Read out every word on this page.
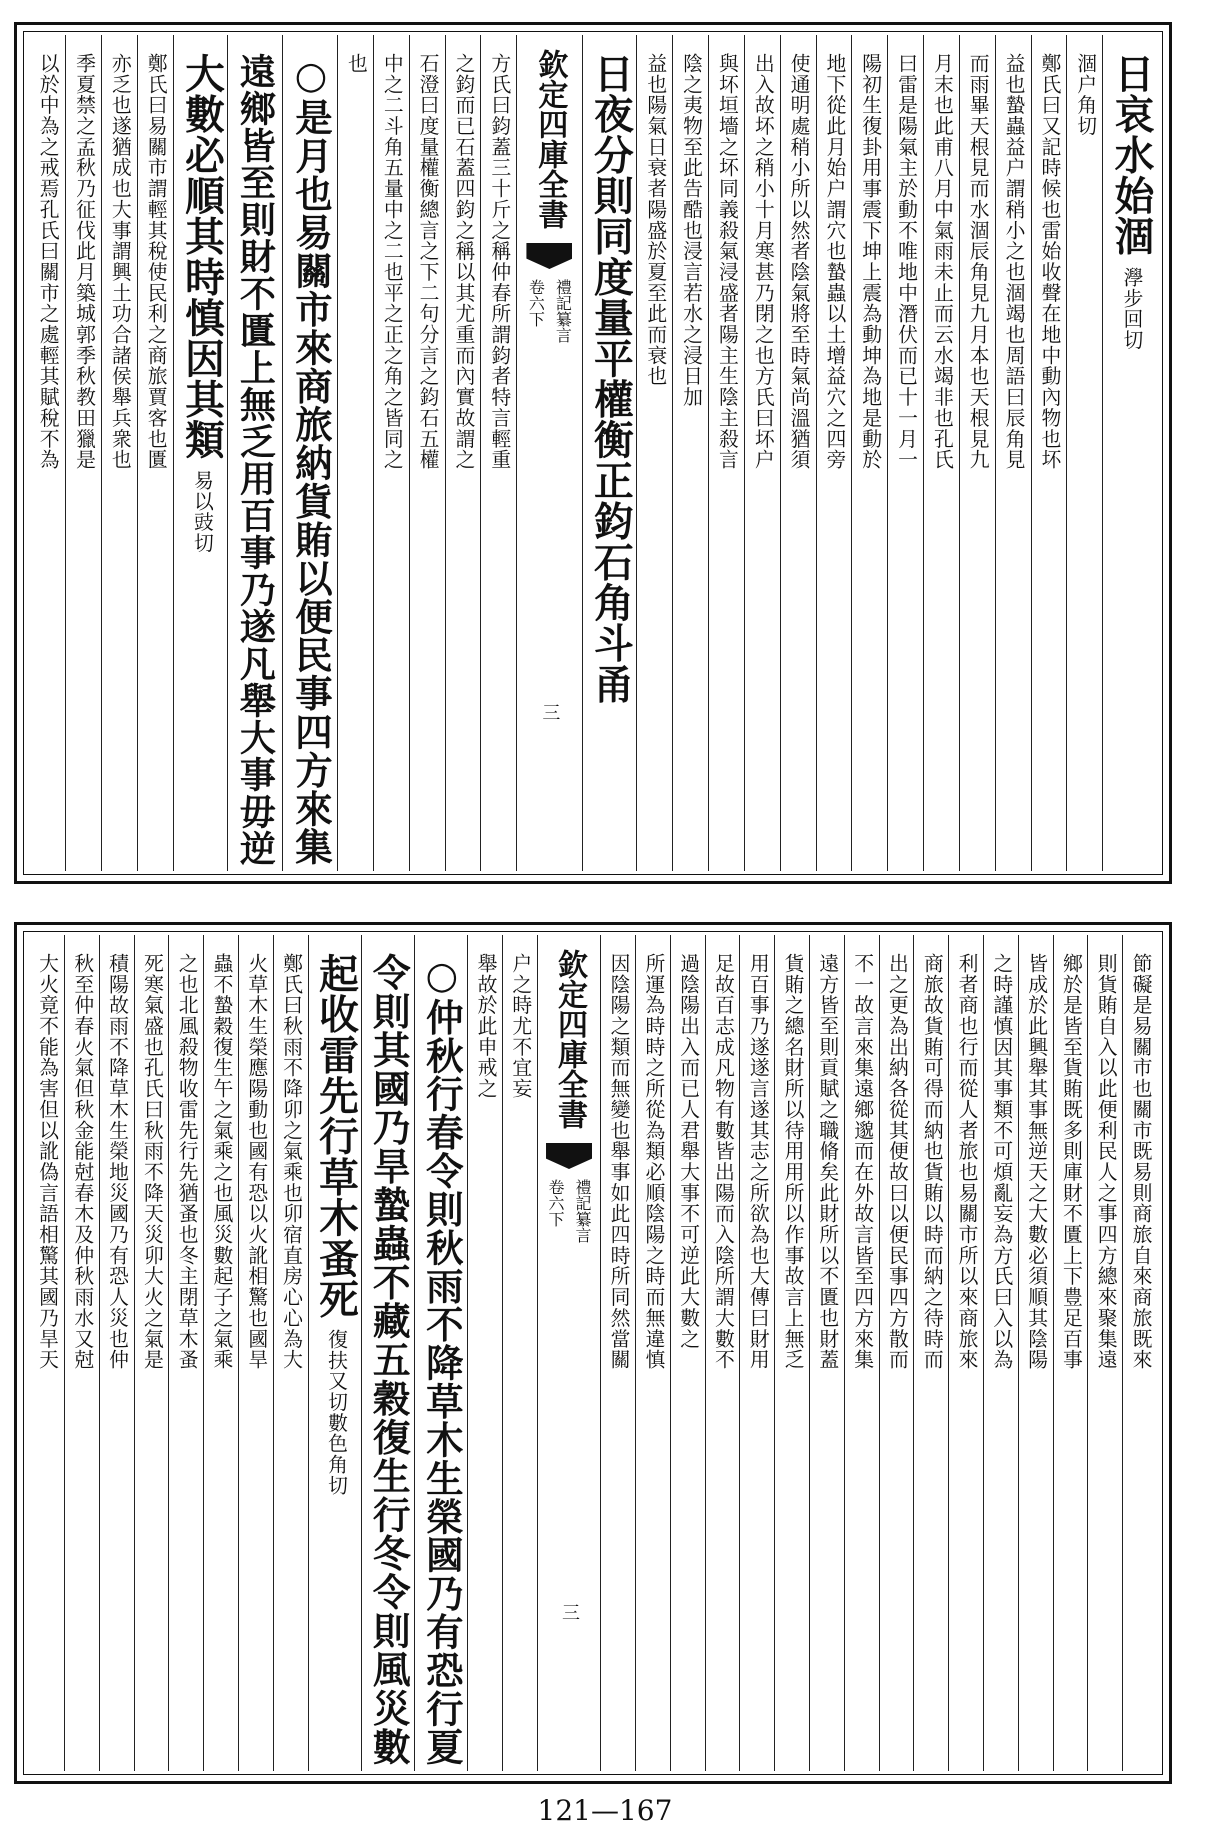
日哀水始涸㶅步回切
涸户角切
鄭氏曰又記時候也雷始收聲在地中動內物也坏
益也蟄蟲益户謂稍小之也涸竭也周語曰辰角見
而雨畢天根見而水涸辰角見九月本也天根見九
月末也此甫八月中氣雨未止而云水竭非也孔氏
曰雷是陽氣主於動不唯地中潛伏而已十一月一
陽初生復卦用事震下坤上震為動坤為地是動於
地下從此月始户謂穴也蟄蟲以土增益穴之四旁
使通明處稍小所以然者陰氣將至時氣尚溫猶須
出入故坏之稍小十月寒甚乃閉之也方氏曰坏户
與坏垣墻之坏同義殺氣浸盛者陽主生陰主殺言
陰之夷物至此告酷也浸言若水之浸日加
益也陽氣日衰者陽盛於夏至此而衰也
日夜分則同度量平權衡正鈞石角斗甬
欽定四庫全書
禮記纂言
卷六下
三
方氏曰鈞蓋三十斤之稱仲春所謂鈞者特言輕重
之鈞而已石蓋四鈞之稱以其尤重而內實故謂之
石澄曰度量權衡總言之下二句分言之鈞石五權
中之二斗角五量中之二也平之正之角之皆同之
也
○是月也易關市來商旅納貨賄以便民事四方來集
遠鄉皆至則財不匱上無乏用百事乃遂凡舉大事毋逆
大數必順其時慎因其類易以豉切
鄭氏曰易關市謂輕其稅使民利之商旅賈客也匱
亦乏也遂猶成也大事謂興土功合諸侯舉兵衆也
季夏禁之孟秋乃征伐此月築城郭季秋教田獵是
以於中為之戒焉孔氏曰關市之處輕其賦稅不為
節礙是易關市也關市既易則商旅自來商旅既來
則貨賄自入以此便利民人之事四方總來聚集遠
鄉於是皆至貨賄既多則庫財不匱上下豊足百事
皆成於此興舉其事無逆天之大數必須順其陰陽
之時謹慎因其事類不可煩亂妄為方氏曰入以為
利者商也行而從人者旅也易關市所以來商旅來
商旅故貨賄可得而納也貨賄以時而納之待時而
出之更為出納各從其便故曰以便民事四方散而
不一故言來集遠鄉邈而在外故言皆至四方來集
遠方皆至則貢賦之職脩矣此財所以不匱也財蓋
貨賄之總名財所以待用用所以作事故言上無乏
用百事乃遂遂言遂其志之所欲為也大傳曰財用
足故百志成凡物有數皆出陽而入陰所謂大數不
過陰陽出入而已人君舉大事不可逆此大數之
所運為時時之所從為類必順陰陽之時而無違慎
因陰陽之類而無變也舉事如此四時所同然當關
欽定四庫全書
禮記纂言
卷六下
三
户之時尤不宜妄
舉故於此申戒之
○仲秋行春令則秋雨不降草木生榮國乃有恐行夏
令則其國乃旱蟄蟲不藏五穀復生行冬令則風災數
起收雷先行草木蚤死復扶又切數色角切
鄭氏曰秋雨不降卯之氣乘也卯宿直房心心為大
火草木生榮應陽動也國有恐以火訛相驚也國旱
蟲不蟄穀復生午之氣乘之也風災數起子之氣乘
之也北風殺物收雷先行先猶蚤也冬主閉草木蚤
死寒氣盛也孔氏曰秋雨不降天災卯大火之氣是
積陽故雨不降草木生榮地災國乃有恐人災也仲
秋至仲春火氣但秋金能尅春木及仲秋雨水又尅
大火竟不能為害但以訛偽言語相驚其國乃旱天
121—167
